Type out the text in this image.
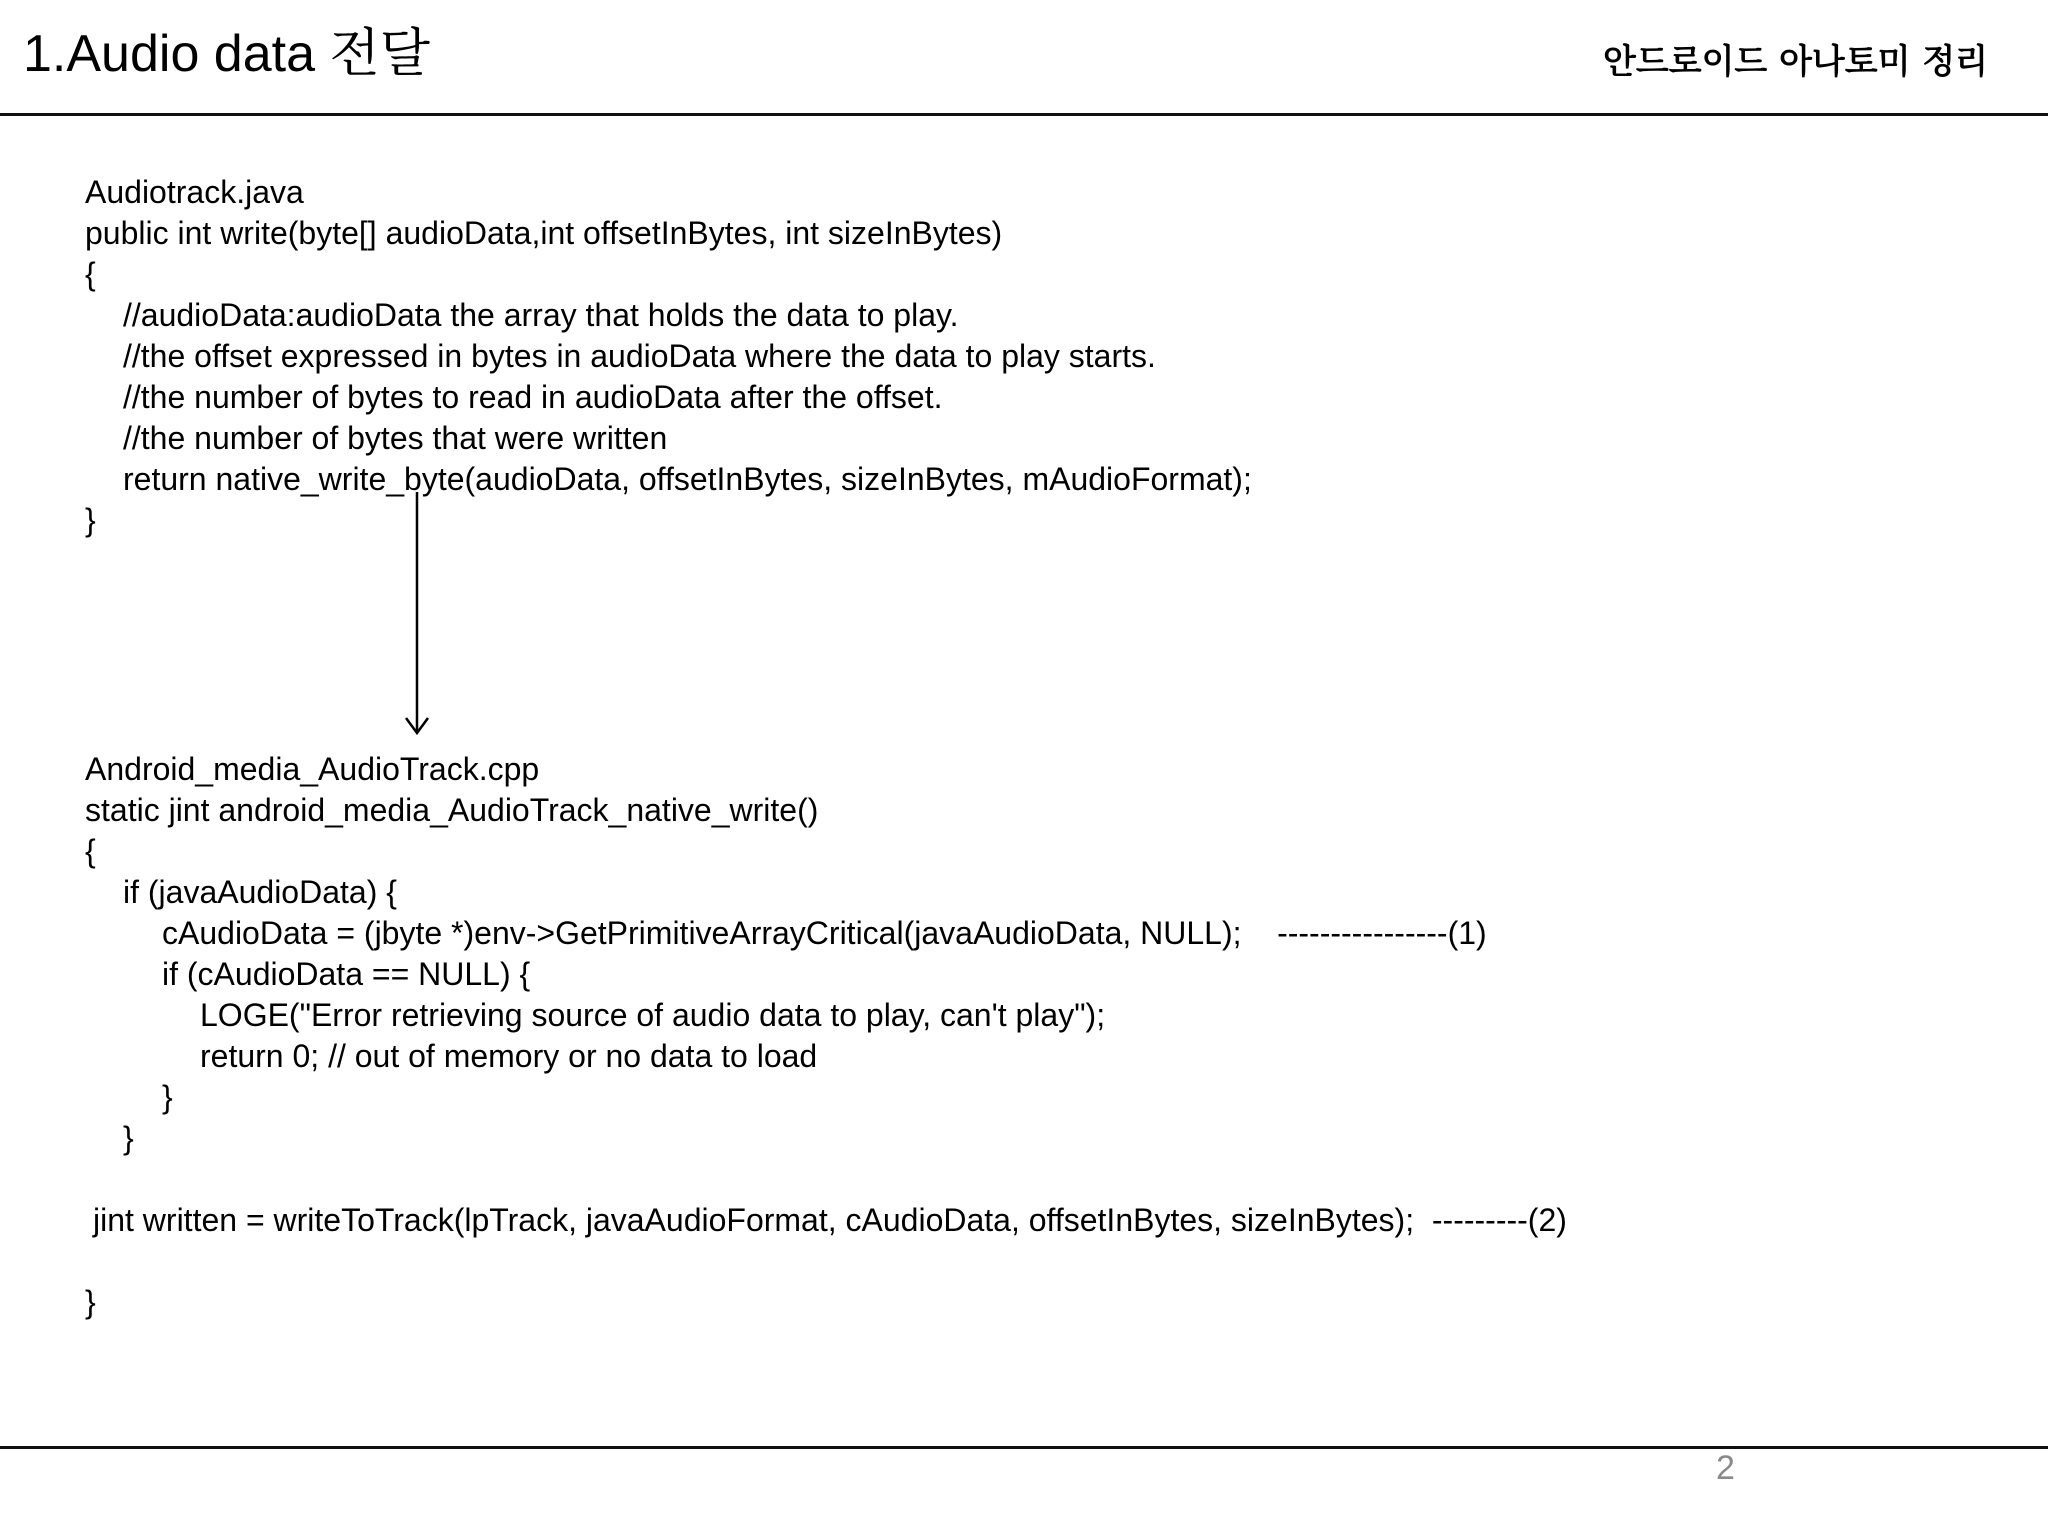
1.Audio data 전달	안드로이드 아나토미 정리
Audiotrack.java
public int write(byte[] audioData,int offsetInBytes, int sizeInBytes)
{
//audioData:audioData the array that holds the data to play.
//the offset expressed in bytes in audioData where the data to play starts.
//the number of bytes to read in audioData after the offset.
//the number of bytes that were written
return native_write_byte(audioData, offsetInBytes, sizeInBytes, mAudioFormat);
}
Android_media_AudioTrack.cpp
static jint android_media_AudioTrack_native_write()
{
if (javaAudioData) {
cAudioData = (jbyte *)env->GetPrimitiveArrayCritical(javaAudioData, NULL);    ----------------(1)
if (cAudioData == NULL) {
LOGE("Error retrieving source of audio data to play, can't play");
return 0; // out of memory or no data to load
}
}
jint written = writeToTrack(lpTrack, javaAudioFormat, cAudioData, offsetInBytes, sizeInBytes);  ---------(2)
}
2
